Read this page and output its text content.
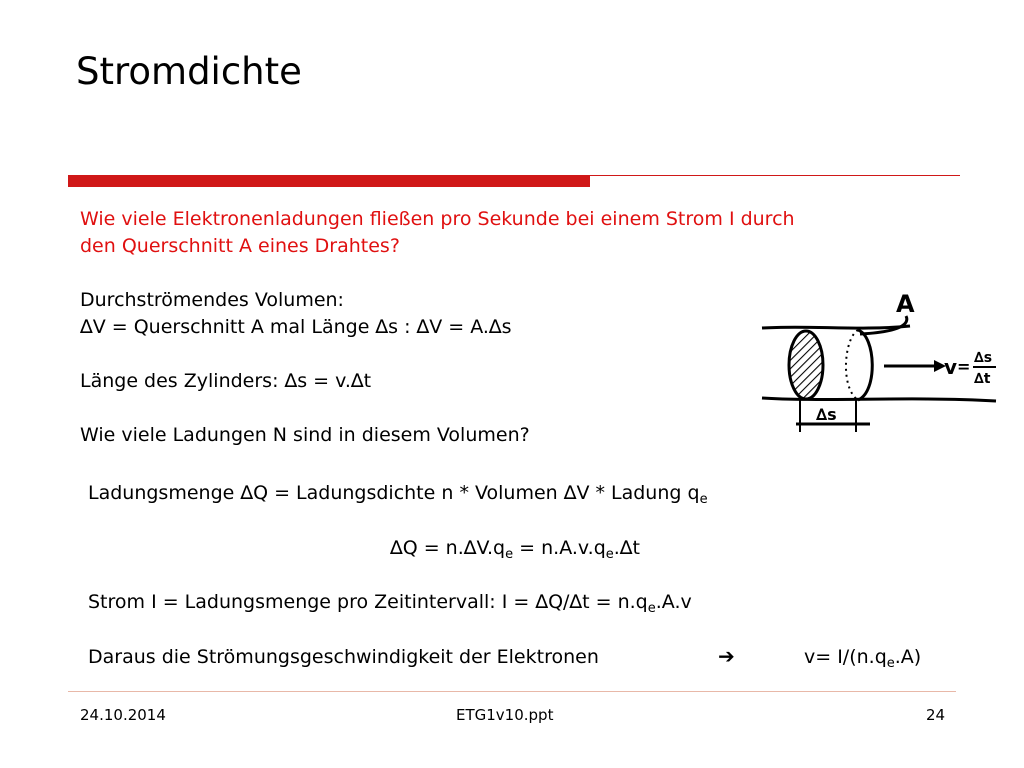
Stromdichte
Wie viele Elektronenladungen fließen pro Sekunde bei einem Strom I durch
den Querschnitt A eines Drahtes?
Durchströmendes Volumen:
∆V = Querschnitt A mal Länge ∆s : ∆V = A.∆s
Länge des Zylinders: ∆s = v.∆t
Wie viele Ladungen N sind in diesem Volumen?
Ladungsmenge ∆Q = Ladungsdichte n * Volumen ∆V * Ladung $q_e$
$\Delta Q = n.\Delta V.q_e = n.A.v.q_e.\Delta t$
Strom I = Ladungsmenge pro Zeitintervall: $I = \Delta Q/\Delta t = n.q_e.A.v$
Daraus die Strömungsgeschwindigkeit der Elektronen	➔	$v= I/(n.q_e.A)$
A
v = ∆s
∆t
∆s
24.10.2014	ETG1v10.ppt	24
